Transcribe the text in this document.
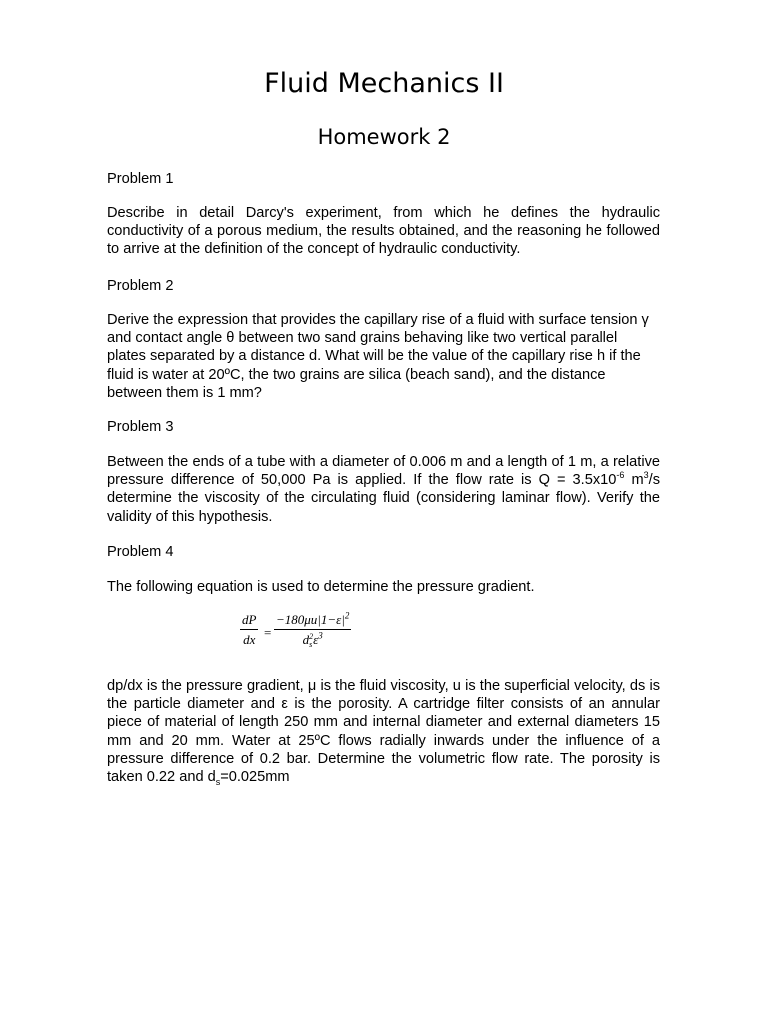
Fluid Mechanics II
Homework 2

Problem 1

Describe in detail Darcy's experiment, from which he defines the hydraulic conductivity of a porous medium, the results obtained, and the reasoning he followed to arrive at the definition of the concept of hydraulic conductivity.

Problem 2

Derive the expression that provides the capillary rise of a fluid with surface tension γ and contact angle θ between two sand grains behaving like two vertical parallel plates separated by a distance d. What will be the value of the capillary rise h if the fluid is water at 20ºC, the two grains are silica (beach sand), and the distance between them is 1 mm?

Problem 3

Between the ends of a tube with a diameter of 0.006 m and a length of 1 m, a relative pressure difference of 50,000 Pa is applied. If the flow rate is $Q = 3.5x10^{-6}$ $m^3/s$ determine the viscosity of the circulating fluid (considering laminar flow). Verify the validity of this hypothesis.

Problem 4

The following equation is used to determine the pressure gradient.

$\frac{dP}{dx} = -180\mu u|1-\varepsilon|^2$
d 2
s $\varepsilon^3$

dp/dx is the pressure gradient, μ is the fluid viscosity, u is the superficial velocity, ds is the particle diameter and ε is the porosity. A cartridge filter consists of an annular piece of material of length 250 mm and internal diameter and external diameters 15 mm and 20 mm. Water at 25ºC flows radially inwards under the influence of a pressure difference of 0.2 bar. Determine the volumetric flow rate. The porosity is taken 0.22 and $d_s=0.025mm$
